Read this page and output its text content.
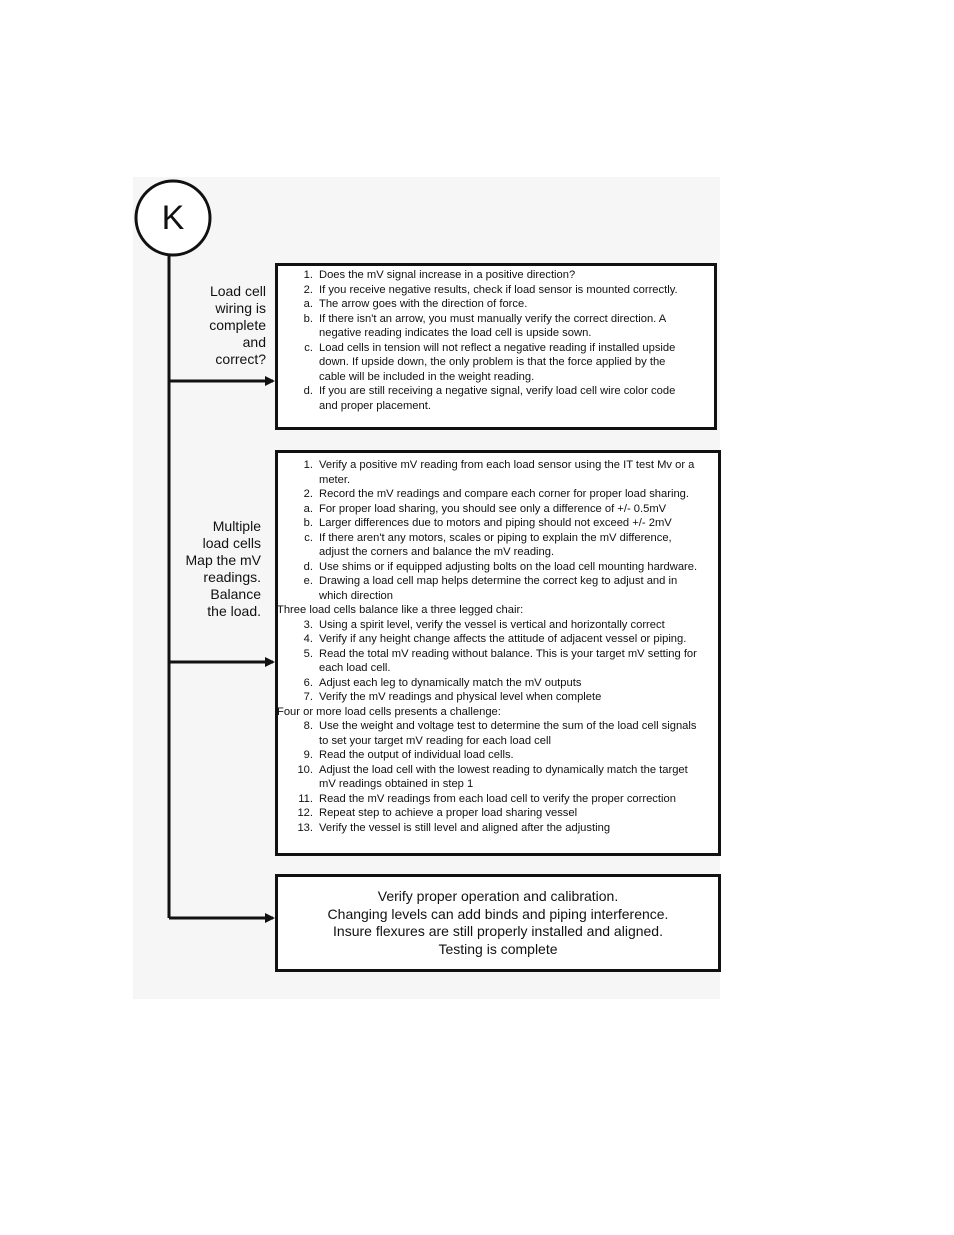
K
Load cell
wiring is
complete
and
correct?
Multiple
load cells
Map the mV
readings.
Balance
the load.
1. Does the mV signal increase in a positive direction?
2. If you receive negative results, check if load sensor is mounted correctly.
a. The arrow goes with the direction of force.
b. If there isn't an arrow, you must manually verify the correct direction. A
negative reading indicates the load cell is upside sown.
c. Load cells in tension will not reflect a negative reading if installed upside
down. If upside down, the only problem is that the force applied by the
cable will be included in the weight reading.
d. If you are still receiving a negative signal, verify load cell wire color code
and proper placement.
1. Verify a positive mV reading from each load sensor using the IT test Mv or a
meter.
2. Record the mV readings and compare each corner for proper load sharing.
a. For proper load sharing, you should see only a difference of +/- 0.5mV
b. Larger differences due to motors and piping should not exceed +/- 2mV
c. If there aren't any motors, scales or piping to explain the mV difference,
adjust the corners and balance the mV reading.
d. Use shims or if equipped adjusting bolts on the load cell mounting hardware.
e. Drawing a load cell map helps determine the correct keg to adjust and in
which direction
Three load cells balance like a three legged chair:
3. Using a spirit level, verify the vessel is vertical and horizontally correct
4. Verify if any height change affects the attitude of adjacent vessel or piping.
5. Read the total mV reading without balance. This is your target mV setting for
each load cell.
6. Adjust each leg to dynamically match the mV outputs
7. Verify the mV readings and physical level when complete
Four or more load cells presents a challenge:
8. Use the weight and voltage test to determine the sum of the load cell signals
to set your target mV reading for each load cell
9. Read the output of individual load cells.
10. Adjust the load cell with the lowest reading to dynamically match the target
mV readings obtained in step 1
11. Read the mV readings from each load cell to verify the proper correction
12. Repeat step to achieve a proper load sharing vessel
13. Verify the vessel is still level and aligned after the adjusting
Verify proper operation and calibration.
Changing levels can add binds and piping interference.
Insure flexures are still properly installed and aligned.
Testing is complete
